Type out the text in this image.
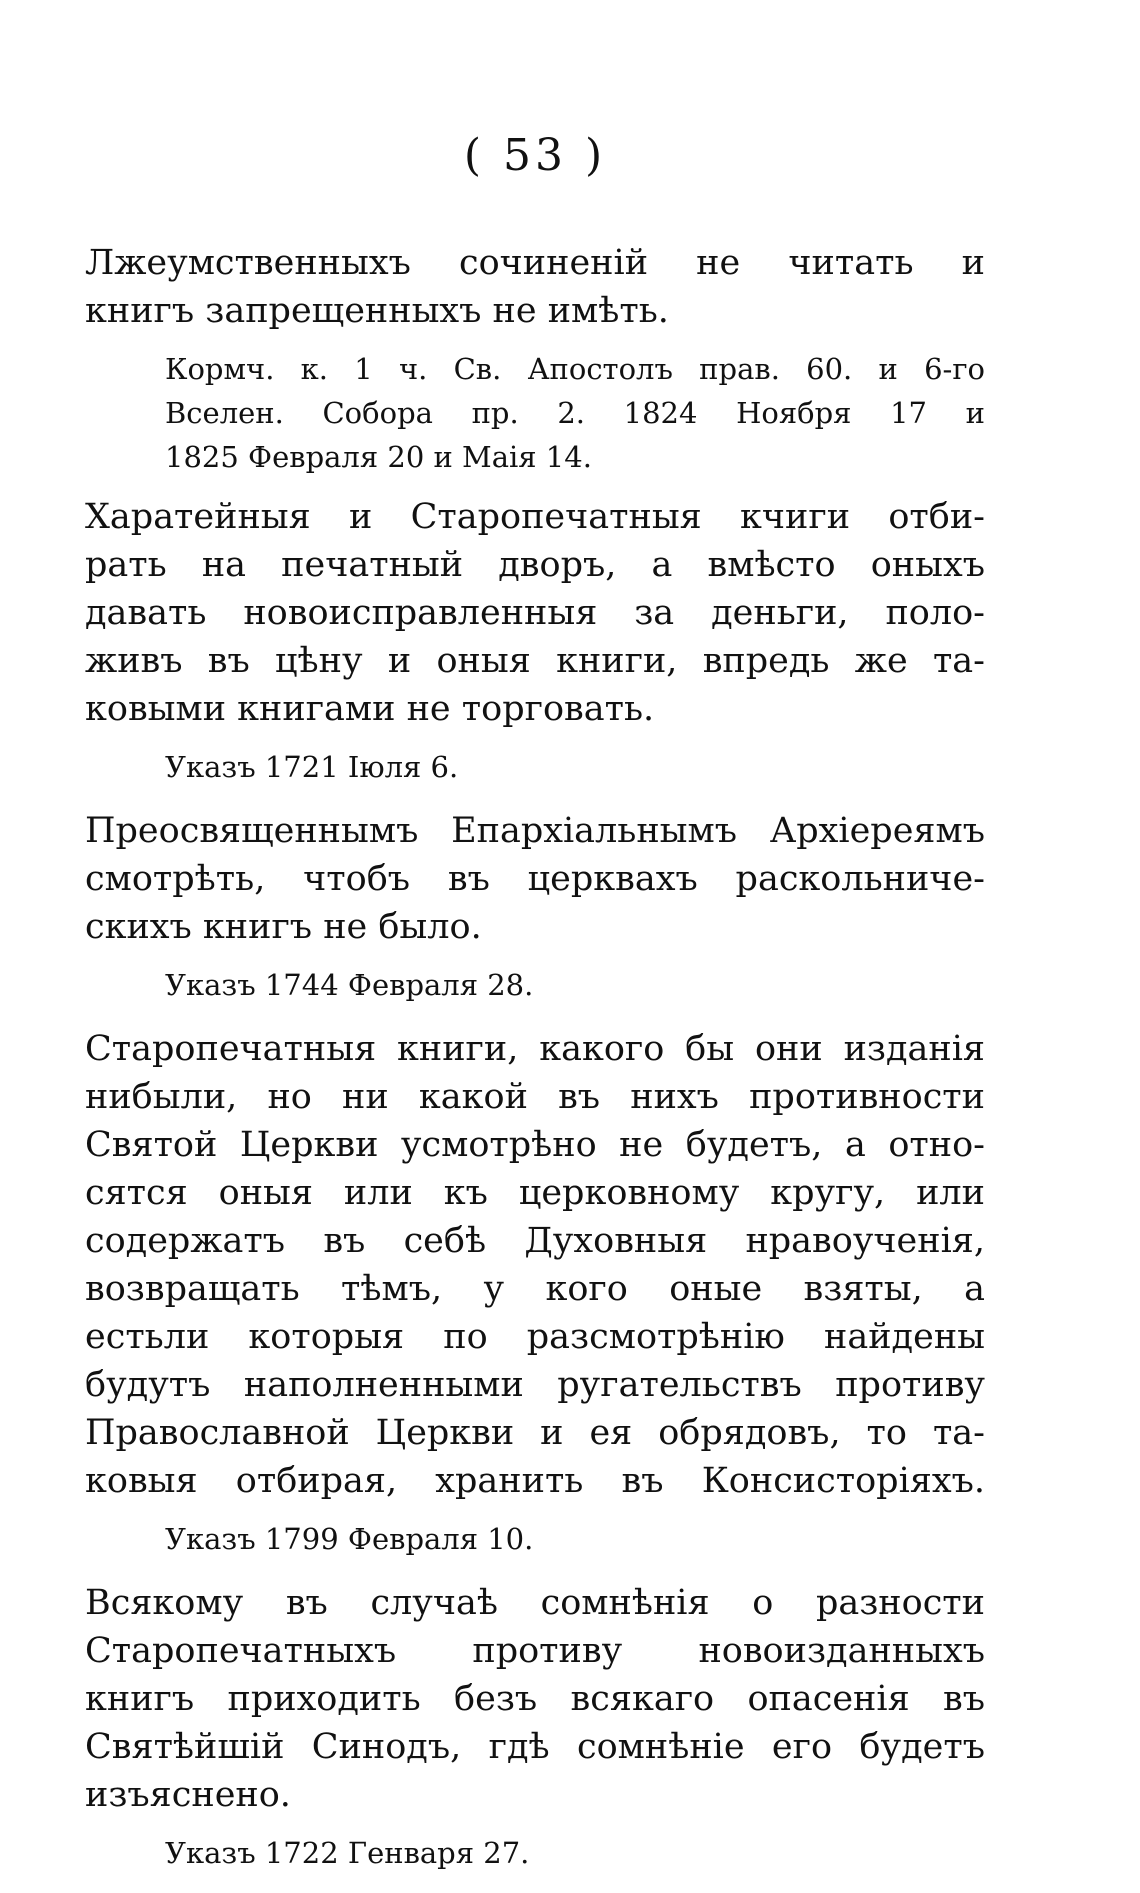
( 53 )
Лжеумственныхъ сочиненій не читать и
книгъ запрещенныхъ не имѣть.
Кормч. к. 1 ч. Св. Апостолъ прав. 60. и 6-го
Вселен. Собора пр. 2. 1824 Ноября 17 и
1825 Февраля 20 и Маія 14.
Харатейныя и Старопечатныя кчиги отби-
рать на печатный дворъ, а вмѣсто оныхъ
давать новоисправленныя за деньги, поло-
живъ въ цѣну и оныя книги, впредь же та-
ковыми книгами не торговать.
Указъ 1721 Іюля 6.
Преосвященнымъ Епархіальнымъ Архіереямъ
смотрѣть, чтобъ въ церквахъ раскольниче-
скихъ книгъ не было.
Указъ 1744 Февраля 28.
Старопечатныя книги, какого бы они изданія
нибыли, но ни какой въ нихъ противности
Святой Церкви усмотрѣно не будетъ, а отно-
сятся оныя или къ церковному кругу, или
содержатъ въ себѣ Духовныя нравоученія,
возвращать тѣмъ, у кого оные взяты, а
естьли которыя по разсмотрѣнію найдены
будутъ наполненными ругательствъ противу
Православной Церкви и ея обрядовъ, то та-
ковыя отбирая, хранить въ Консисторіяхъ.
Указъ 1799 Февраля 10.
Всякому въ случаѣ сомнѣнія о разности
Старопечатныхъ противу новоизданныхъ
книгъ приходить безъ всякаго опасенія въ
Святѣйшій Синодъ, гдѣ сомнѣніе его будетъ
изъяснено.
Указъ 1722 Генваря 27.
